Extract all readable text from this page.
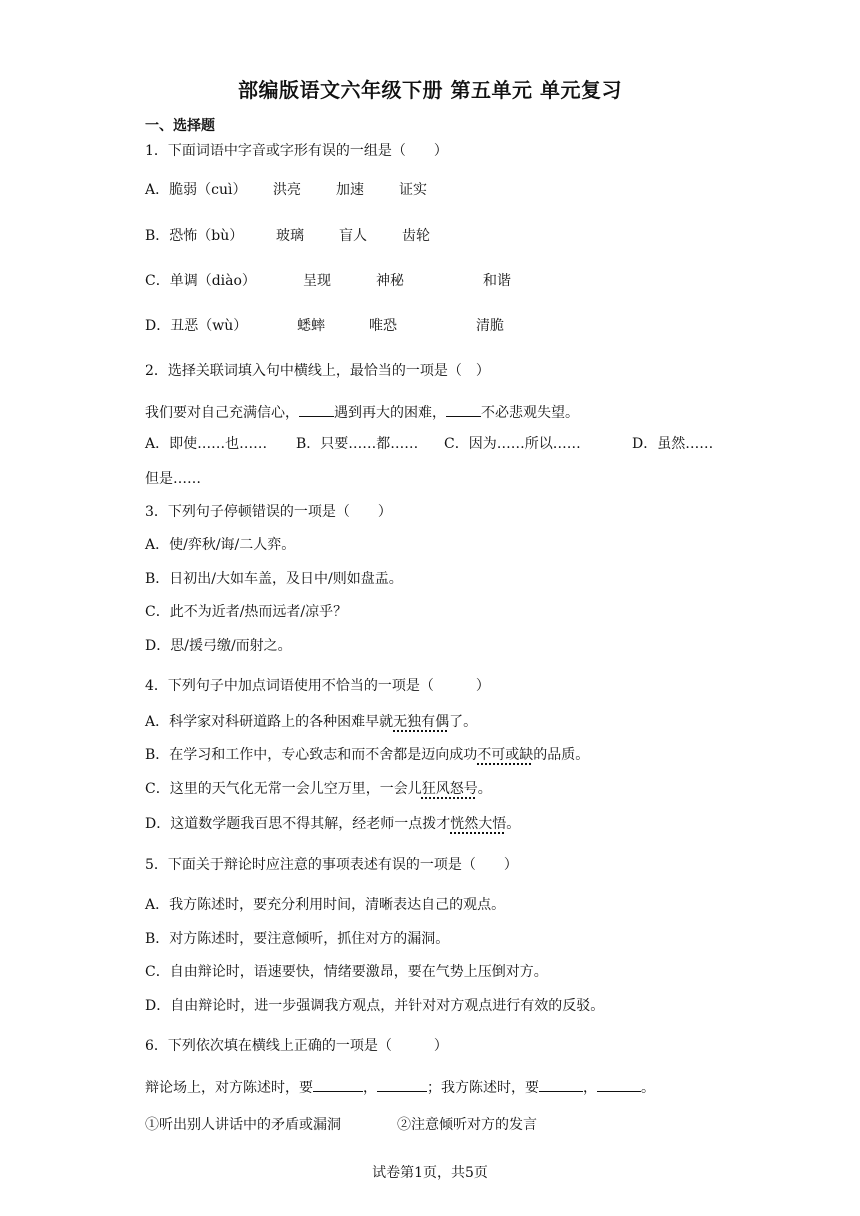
部编版语文六年级下册 第五单元 单元复习
一、选择题
1．下面词语中字音或字形有误的一组是（　　）
A．脆弱（cuì） 洪亮	加速	证实
B．恐怖（bù） 玻璃	盲人	齿轮
C．单调（diào）	呈现	神秘	和谐
D．丑恶（wù）	蟋蟀	唯恐	清脆
2．选择关联词填入句中横线上，最恰当的一项是（　）
我们要对自己充满信心，	遇到再大的困难，	不必悲观失望。
A．即使……也…… B．只要……都…… C．因为……所以……	D．虽然……
但是……
3．下列句子停顿错误的一项是（　　）
A．使/弈秋/诲/二人弈。
B．日初出/大如车盖，及日中/则如盘盂。
C．此不为近者/热而远者/凉乎？
D．思/援弓缴/而射之。
4．下列句子中加点词语使用不恰当的一项是（　　　）
A．科学家对科研道路上的各种困难早就无独有偶了。
B．在学习和工作中，专心致志和而不舍都是迈向成功不可或缺的品质。
C．这里的天气化无常一会儿空万里，一会儿狂风怒号。
D．这道数学题我百思不得其解，经老师一点拨才恍然大悟。
5．下面关于辩论时应注意的事项表述有误的一项是（　　）
A．我方陈述时，要充分利用时间，清晰表达自己的观点。
B．对方陈述时，要注意倾听，抓住对方的漏洞。
C．自由辩论时，语速要快，情绪要激昂，要在气势上压倒对方。
D．自由辩论时，进一步强调我方观点，并针对对方观点进行有效的反驳。
6．下列依次填在横线上正确的一项是（　　　）
辩论场上，对方陈述时，要	，	；我方陈述时，要	，	。
①听出别人讲话中的矛盾或漏洞	②注意倾听对方的发言
试卷第1页，共5页
